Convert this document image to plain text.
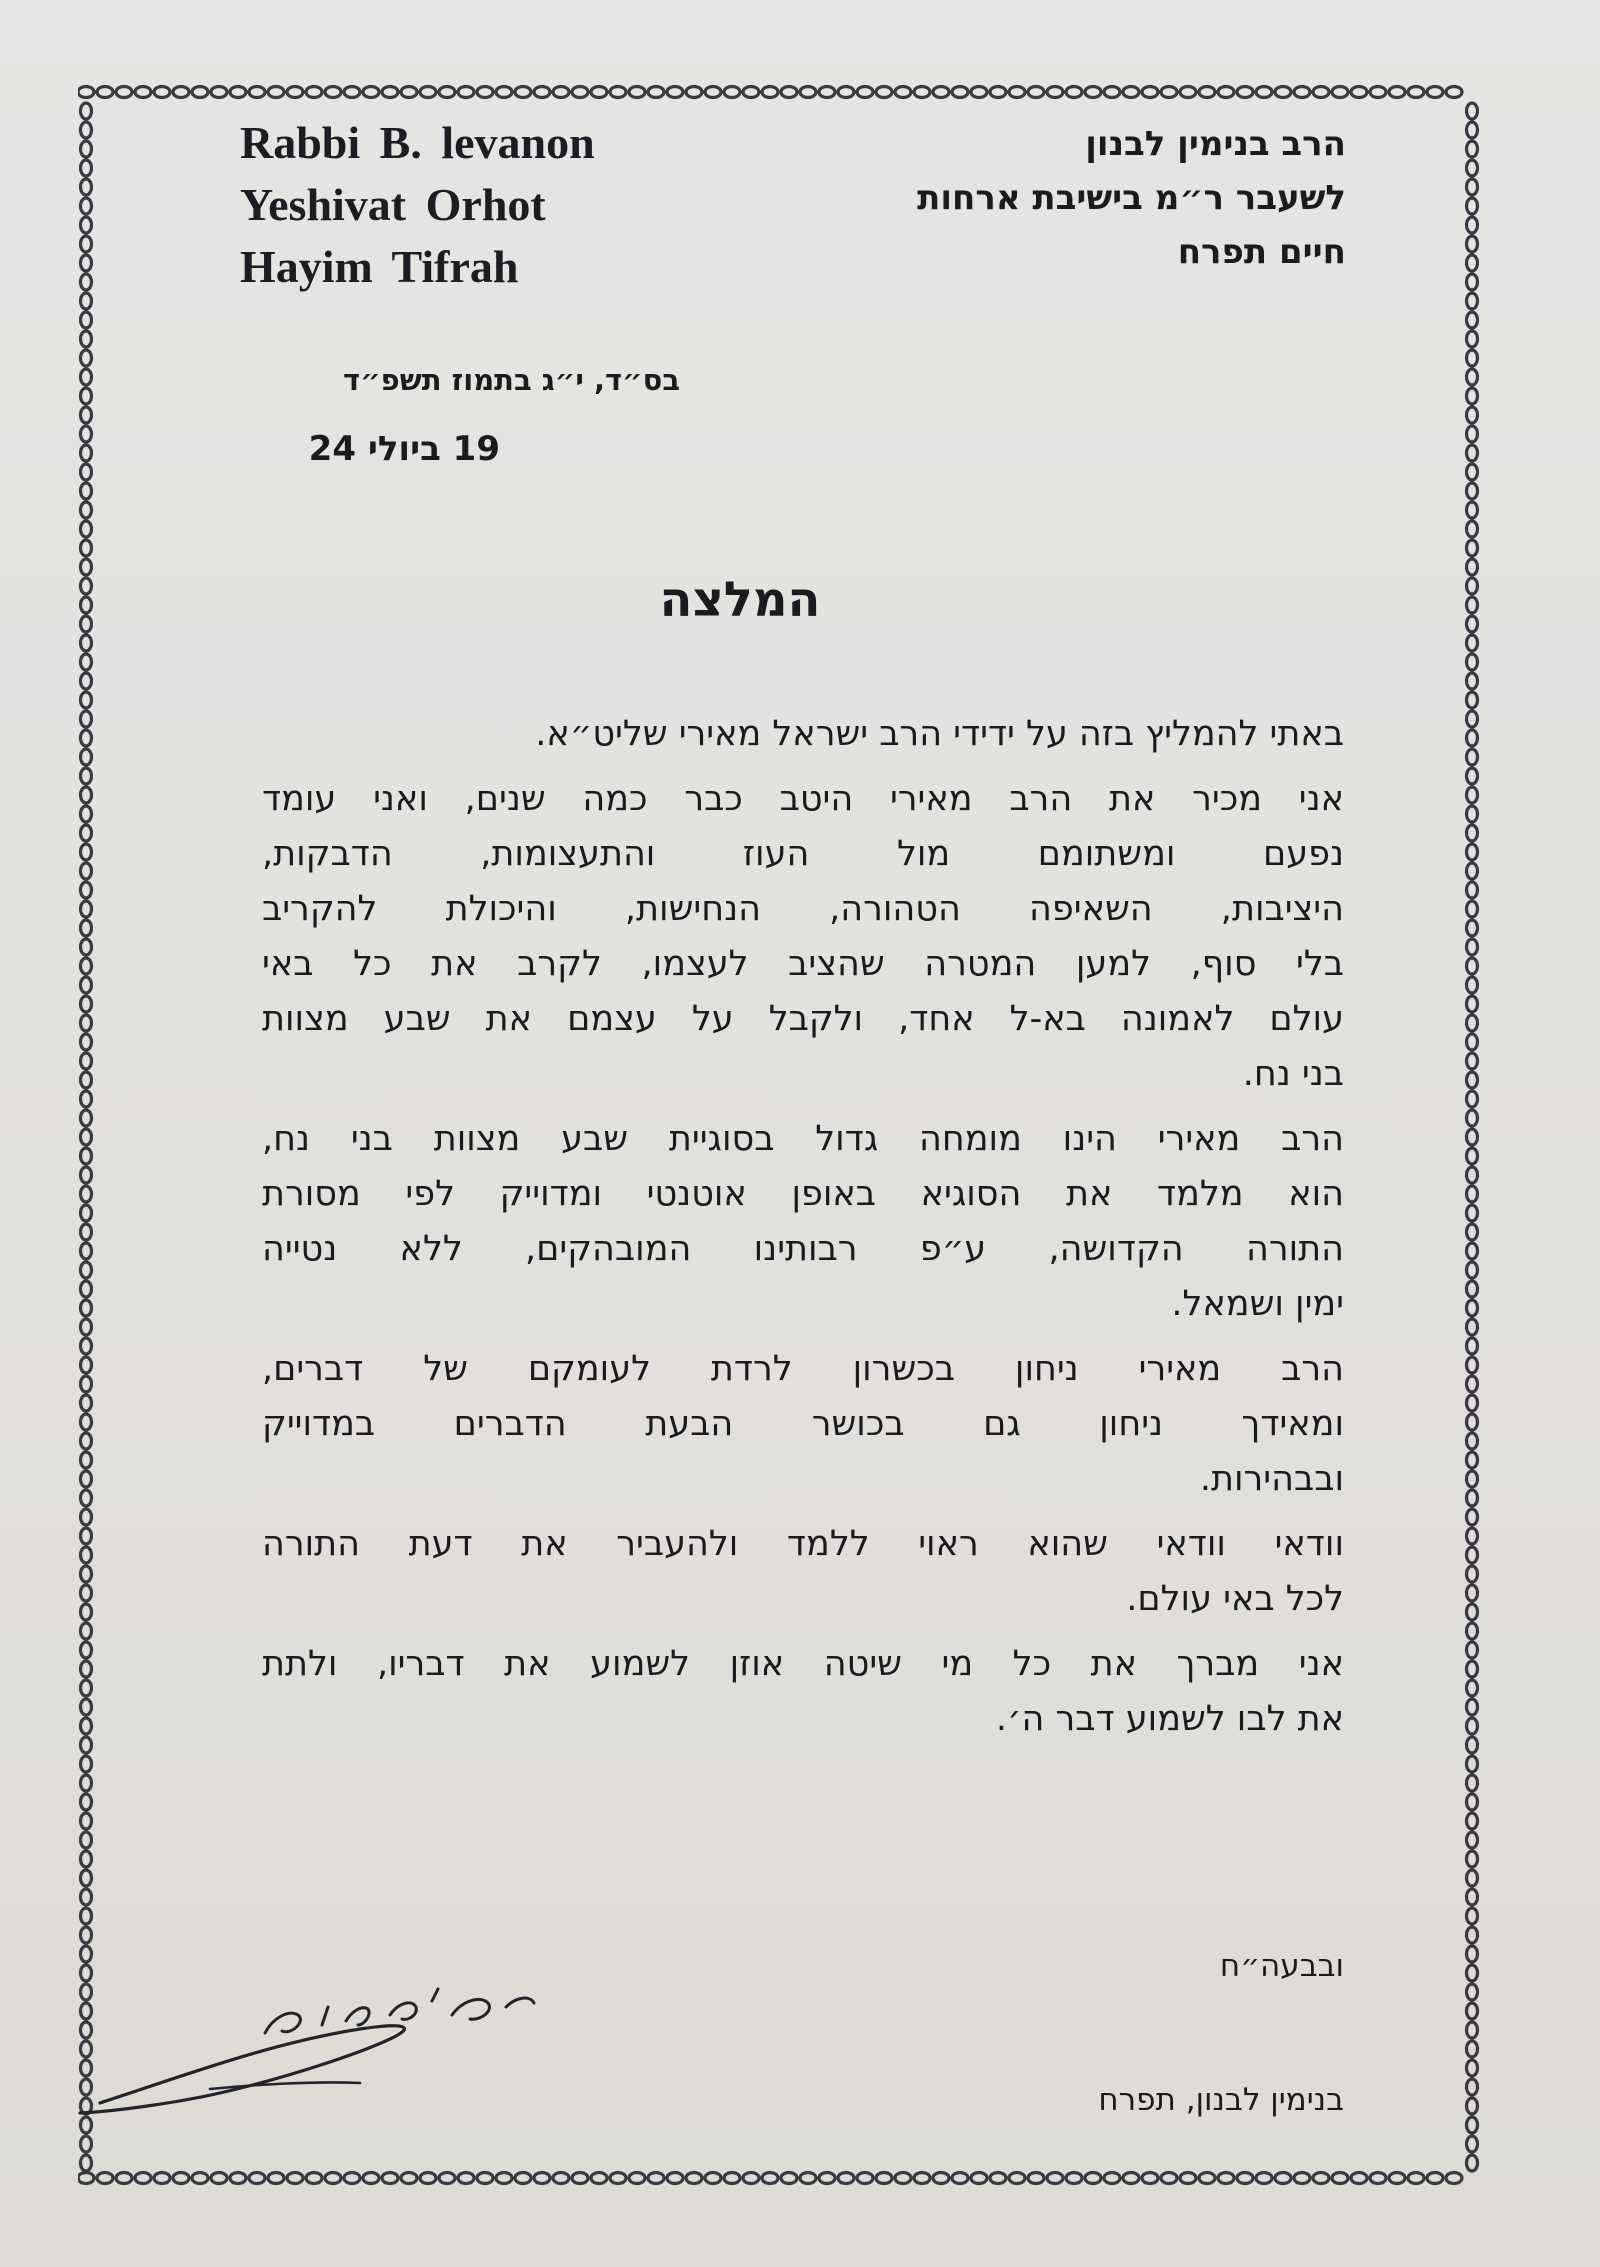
Rabbi B. levanon
Yeshivat Orhot
Hayim Tifrah
הרב בנימין לבנון
לשעבר ר״מ בישיבת ארחות
חיים תפרח
בס״ד, י״ג בתמוז תשפ״ד
19 ביולי 24
המלצה
באתי להמליץ בזה על ידידי הרב ישראל מאירי שליט״א.
אני מכיר את הרב מאירי היטב כבר כמה שנים, ואני עומד
נפעם ומשתומם מול העוז והתעצומות, הדבקות,
היציבות, השאיפה הטהורה, הנחישות, והיכולת להקריב
בלי סוף, למען המטרה שהציב לעצמו, לקרב את כל באי
עולם לאמונה בא-ל אחד, ולקבל על עצמם את שבע מצוות
בני נח.
הרב מאירי הינו מומחה גדול בסוגיית שבע מצוות בני נח,
הוא מלמד את הסוגיא באופן אוטנטי ומדוייק לפי מסורת
התורה הקדושה, ע״פ רבותינו המובהקים, ללא נטייה
ימין ושמאל.
הרב מאירי ניחון בכשרון לרדת לעומקם של דברים,
ומאידך ניחון גם בכושר הבעת הדברים במדוייק
ובבהירות.
וודאי וודאי שהוא ראוי ללמד ולהעביר את דעת התורה
לכל באי עולם.
אני מברך את כל מי שיטה אוזן לשמוע את דבריו, ולתת
את לבו לשמוע דבר ה׳.
ובבעה״ח
בנימין לבנון, תפרח
